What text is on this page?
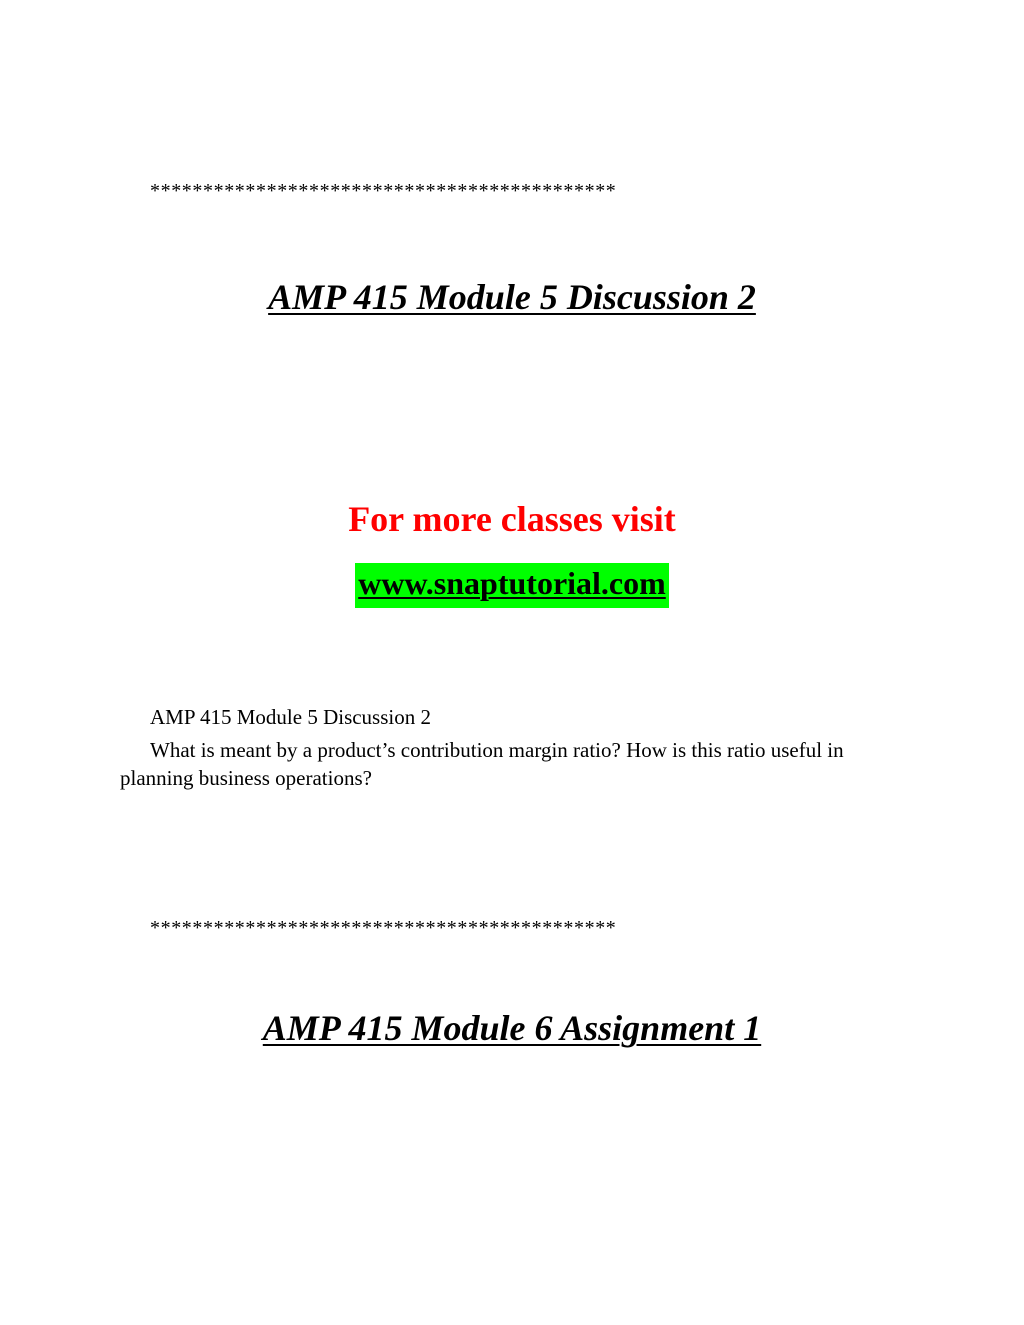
********************************************
AMP 415 Module 5 Discussion 2
For more classes visit
www.snaptutorial.com
AMP 415 Module 5 Discussion 2
What is meant by a product’s contribution margin ratio? How is this ratio useful in planning business operations?
********************************************
AMP 415 Module 6 Assignment 1
